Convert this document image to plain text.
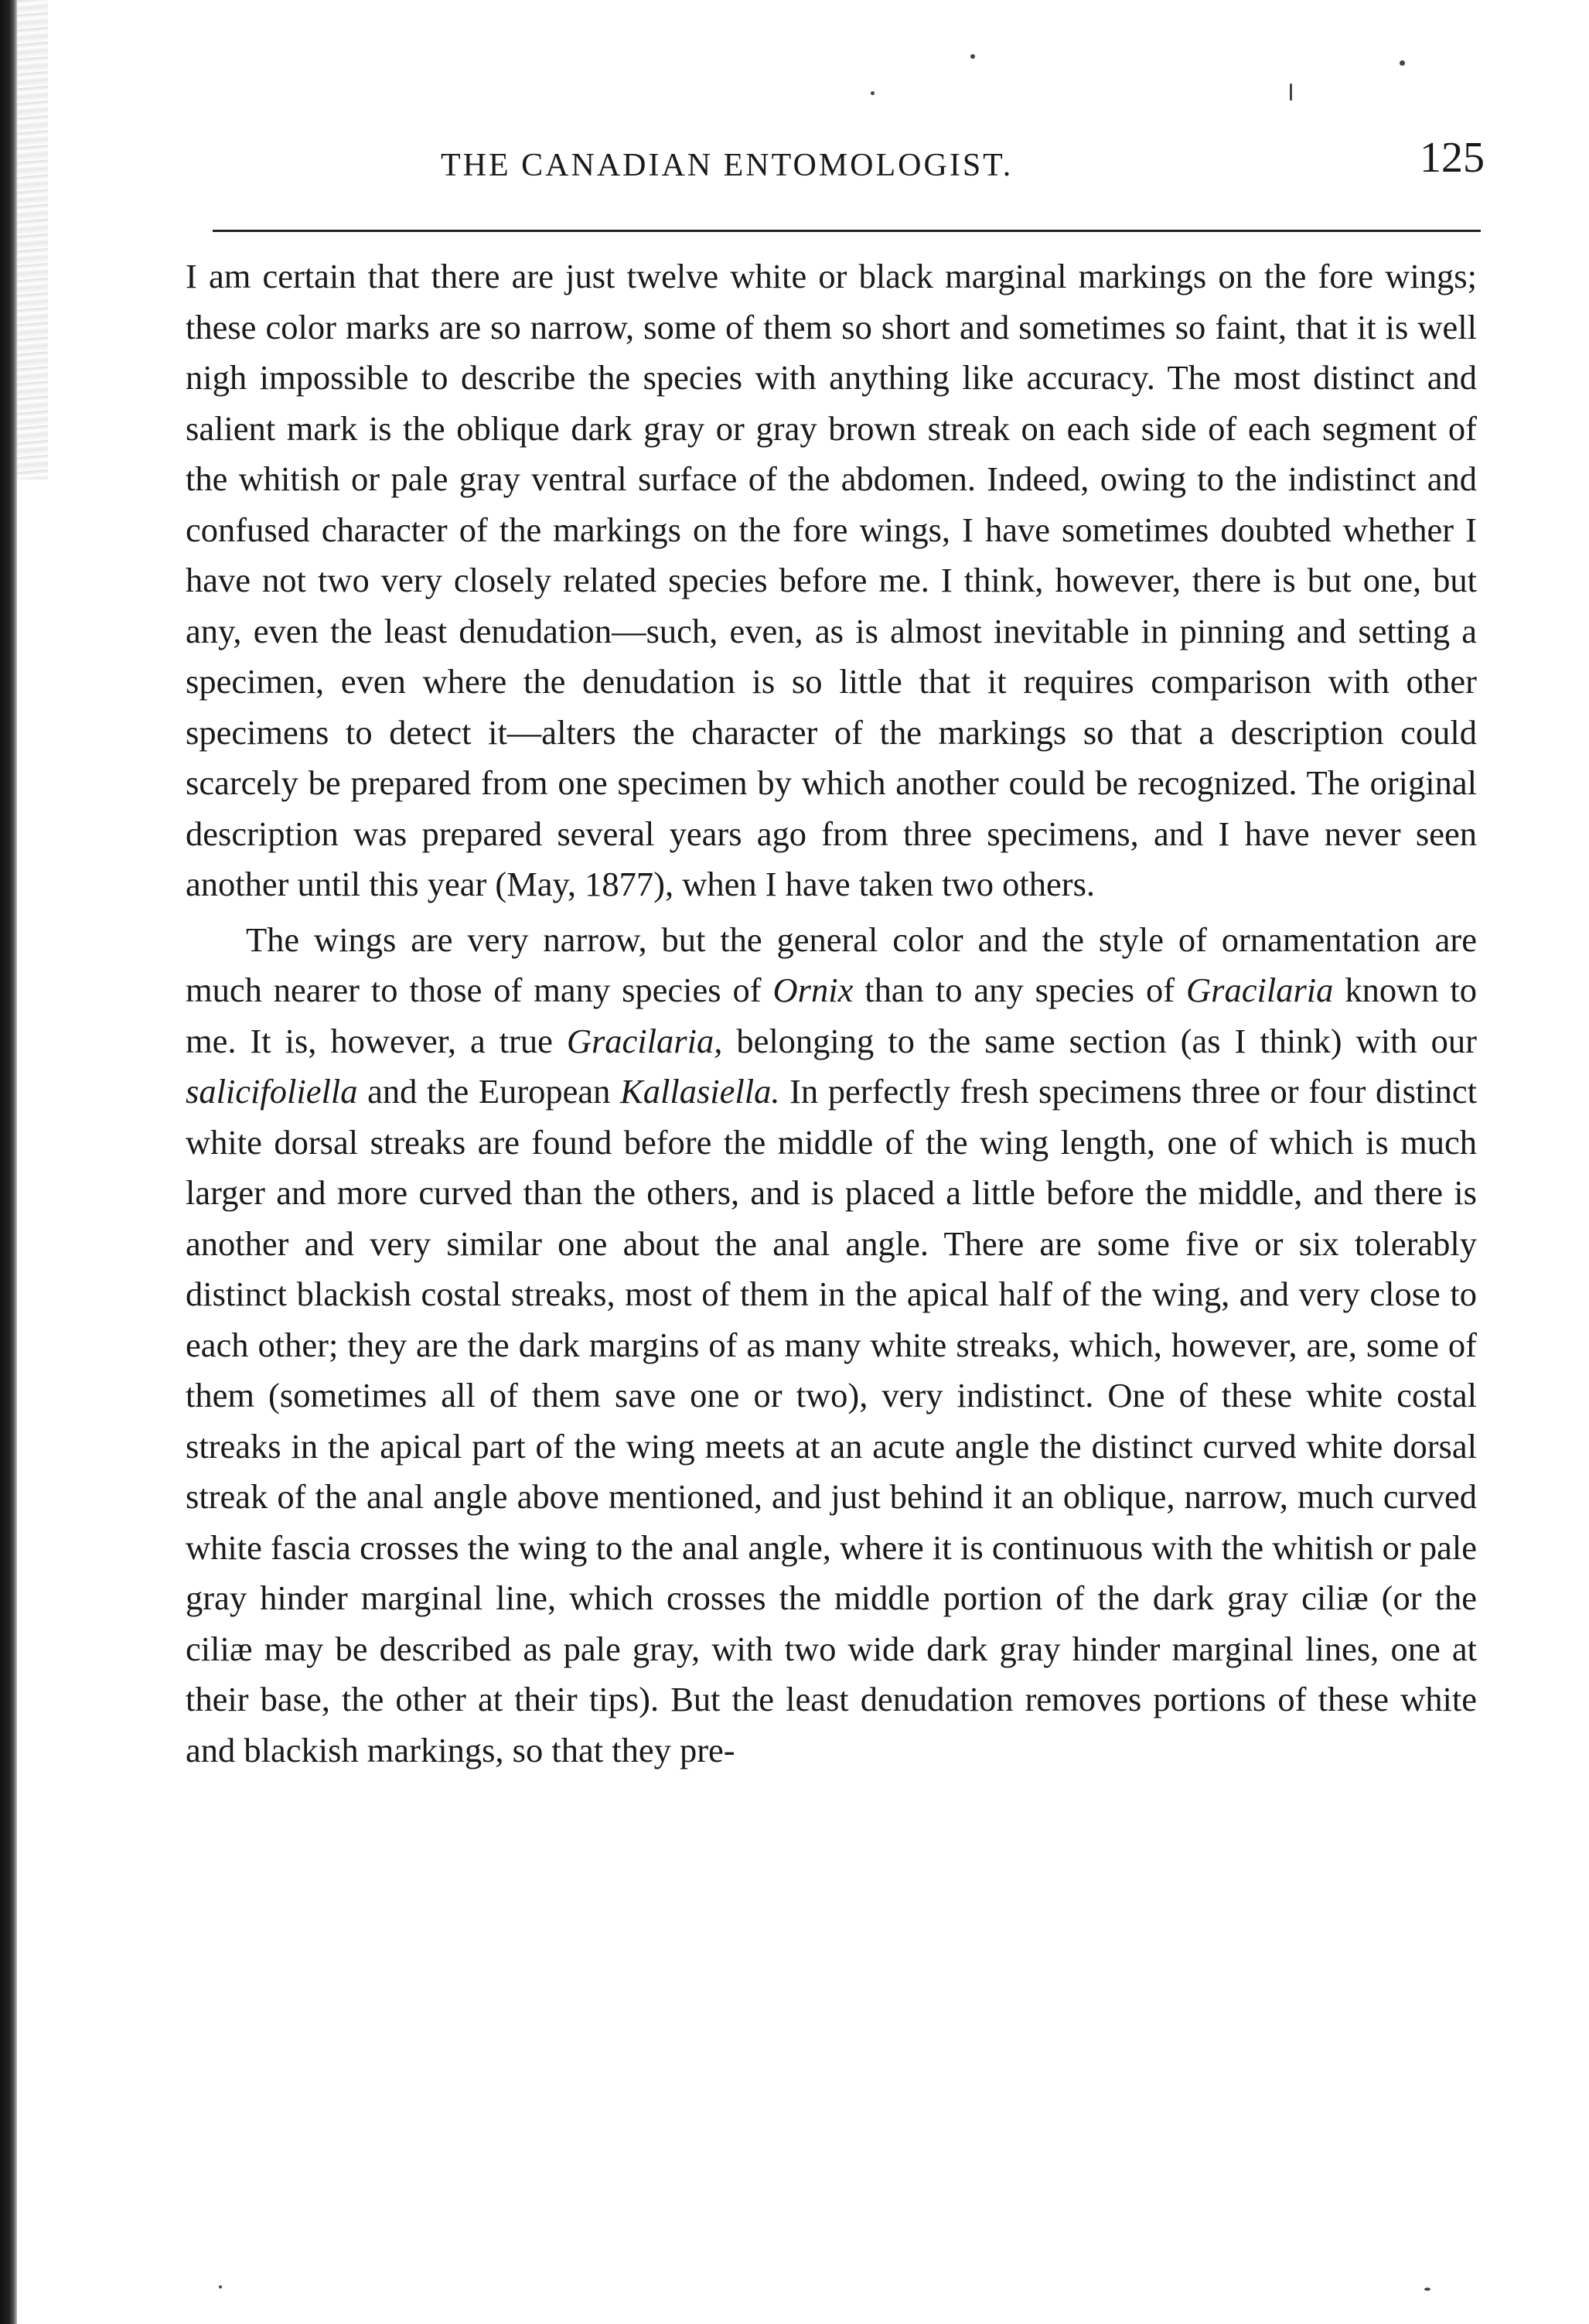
THE CANADIAN ENTOMOLOGIST.	125

I am certain that there are just twelve white or black marginal markings on the fore wings; these color marks are so narrow, some of them so short and sometimes so faint, that it is well nigh impossible to describe the species with anything like accuracy. The most distinct and salient mark is the oblique dark gray or gray brown streak on each side of each segment of the whitish or pale gray ventral surface of the abdomen. Indeed, owing to the indistinct and confused character of the markings on the fore wings, I have sometimes doubted whether I have not two very closely related species before me. I think, however, there is but one, but any, even the least denudation—such, even, as is almost inevitable in pinning and setting a specimen, even where the denudation is so little that it requires comparison with other specimens to detect it—alters the character of the markings so that a description could scarcely be prepared from one specimen by which another could be recognized. The original description was prepared several years ago from three specimens, and I have never seen another until this year (May, 1877), when I have taken two others.

The wings are very narrow, but the general color and the style of ornamentation are much nearer to those of many species of Ornix than to any species of Gracilaria known to me. It is, however, a true Gracilaria, belonging to the same section (as I think) with our salicifoliella and the European Kallasiella. In perfectly fresh specimens three or four distinct white dorsal streaks are found before the middle of the wing length, one of which is much larger and more curved than the others, and is placed a little before the middle, and there is another and very similar one about the anal angle. There are some five or six tolerably distinct blackish costal streaks, most of them in the apical half of the wing, and very close to each other; they are the dark margins of as many white streaks, which, however, are, some of them (sometimes all of them save one or two), very indistinct. One of these white costal streaks in the apical part of the wing meets at an acute angle the distinct curved white dorsal streak of the anal angle above mentioned, and just behind it an oblique, narrow, much curved white fascia crosses the wing to the anal angle, where it is continuous with the whitish or pale gray hinder marginal line, which crosses the middle portion of the dark gray ciliæ (or the ciliæ may be described as pale gray, with two wide dark gray hinder marginal lines, one at their base, the other at their tips). But the least denudation removes portions of these white and blackish markings, so that they pre-
